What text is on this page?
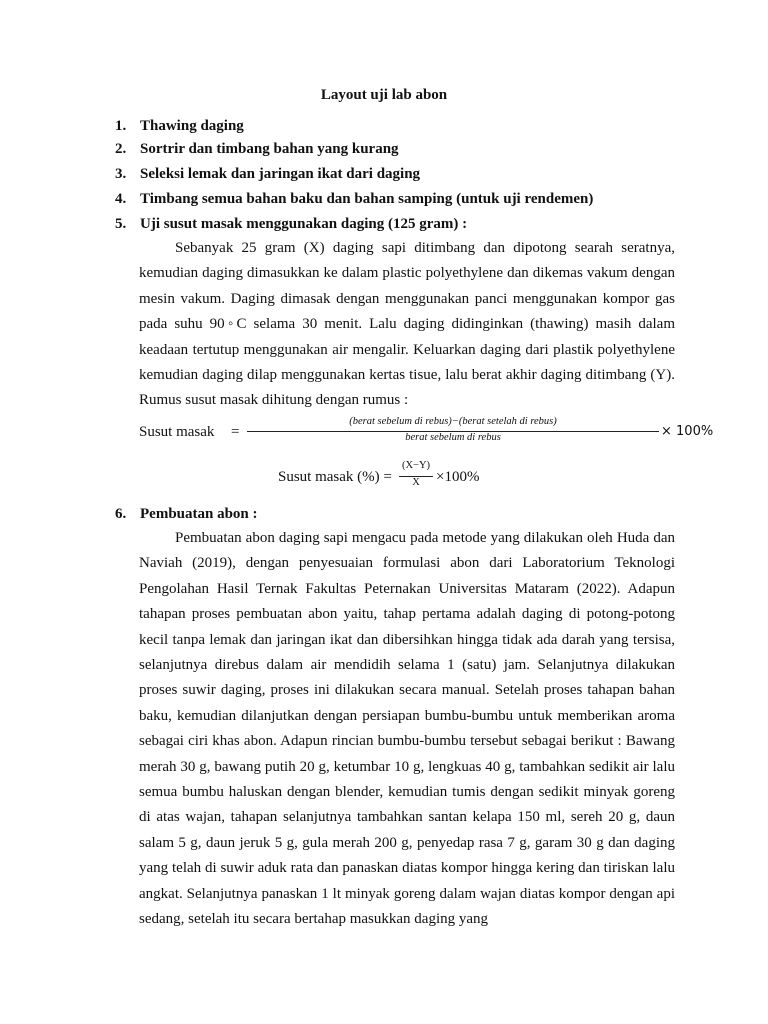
Layout uji lab abon
1. Thawing daging
2. Sortrir dan timbang bahan yang kurang
3. Seleksi lemak dan jaringan ikat dari daging
4. Timbang semua bahan baku dan bahan samping (untuk uji rendemen)
5. Uji susut masak menggunakan daging (125 gram) :
Sebanyak 25 gram (X) daging sapi ditimbang dan dipotong searah seratnya, kemudian daging dimasukkan ke dalam plastic polyethylene dan dikemas vakum dengan mesin vakum. Daging dimasak dengan menggunakan panci menggunakan kompor gas pada suhu 90◦C selama 30 menit. Lalu daging didinginkan (thawing) masih dalam keadaan tertutup menggunakan air mengalir. Keluarkan daging dari plastik polyethylene kemudian daging dilap menggunakan kertas tisue, lalu berat akhir daging ditimbang (Y). Rumus susut masak dihitung dengan rumus :
Susut masak =
(berat sebelum di rebus)−(berat setelah di rebus)
berat sebelum di rebus	× 100%
Susut masak (%) =
(X−Y)
X	×100%
6. Pembuatan abon :
Pembuatan abon daging sapi mengacu pada metode yang dilakukan oleh Huda dan Naviah (2019), dengan penyesuaian formulasi abon dari Laboratorium Teknologi Pengolahan Hasil Ternak Fakultas Peternakan Universitas Mataram (2022). Adapun tahapan proses pembuatan abon yaitu, tahap pertama adalah daging di potong-potong kecil tanpa lemak dan jaringan ikat dan dibersihkan hingga tidak ada darah yang tersisa, selanjutnya direbus dalam air mendidih selama 1 (satu) jam. Selanjutnya dilakukan proses suwir daging, proses ini dilakukan secara manual. Setelah proses tahapan bahan baku, kemudian dilanjutkan dengan persiapan bumbu-bumbu untuk memberikan aroma sebagai ciri khas abon. Adapun rincian bumbu-bumbu tersebut sebagai berikut : Bawang merah 30 g, bawang putih 20 g, ketumbar 10 g, lengkuas 40 g, tambahkan sedikit air lalu semua bumbu haluskan dengan blender, kemudian tumis dengan sedikit minyak goreng di atas wajan, tahapan selanjutnya tambahkan santan kelapa 150 ml, sereh 20 g, daun salam 5 g, daun jeruk 5 g, gula merah 200 g, penyedap rasa 7 g, garam 30 g dan daging yang telah di suwir aduk rata dan panaskan diatas kompor hingga kering dan tiriskan lalu angkat. Selanjutnya panaskan 1 lt minyak goreng dalam wajan diatas kompor dengan api sedang, setelah itu secara bertahap masukkan daging yang
